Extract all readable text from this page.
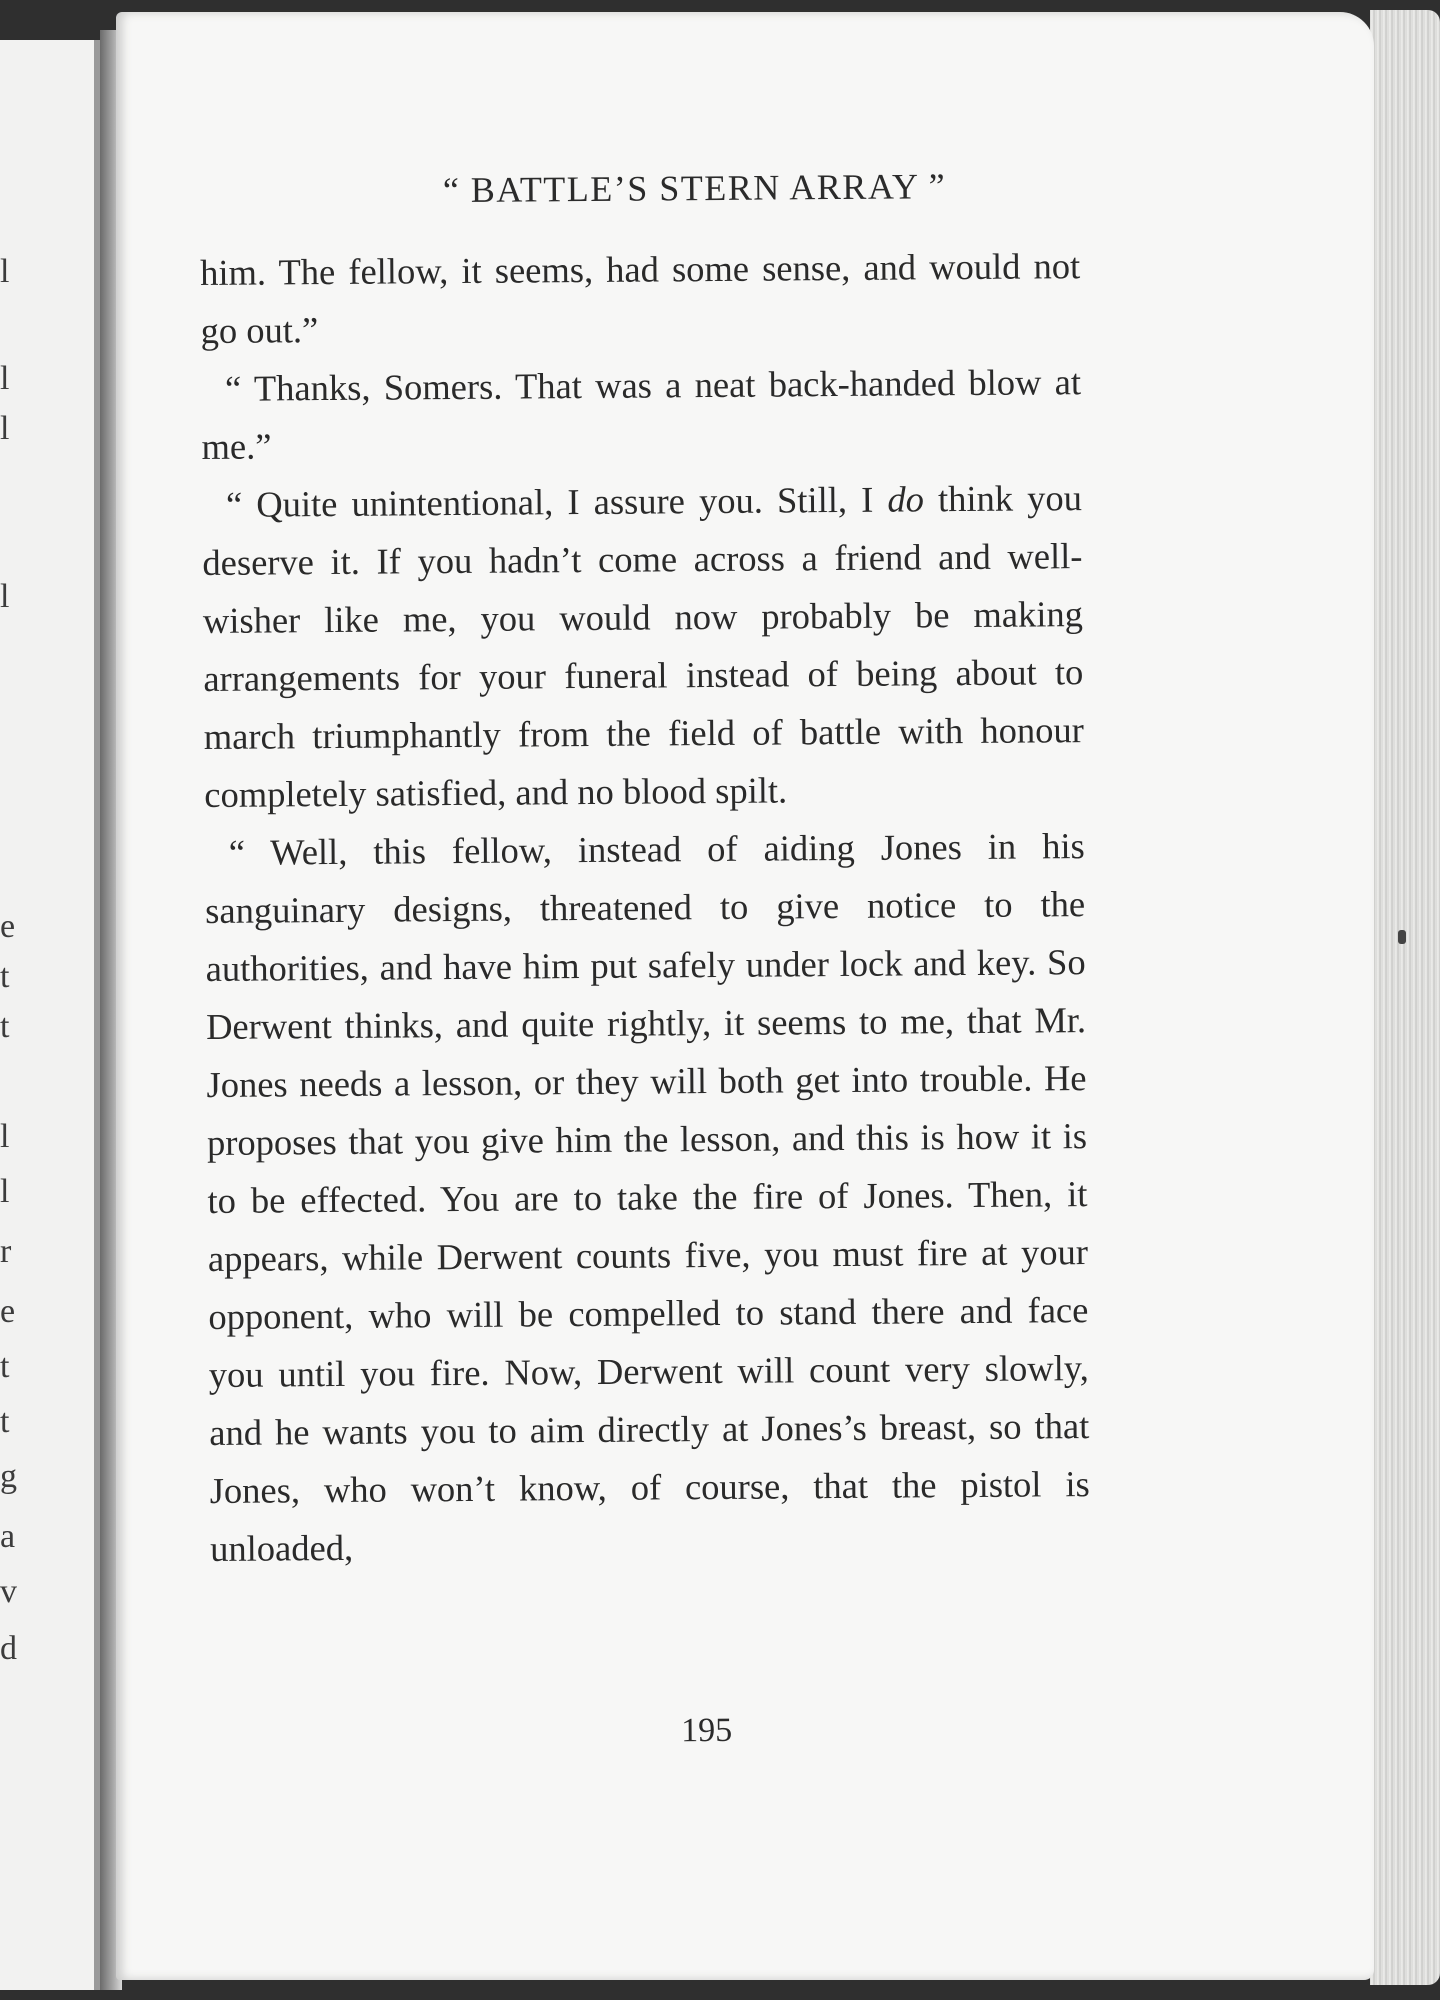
l
l
l
l
e
t
t
l
l
r
e
t
t
g
a
v
d
“ BATTLE’S STERN ARRAY ”

him. The fellow, it seems, had some sense, and would not go out.”

“ Thanks, Somers. That was a neat back-handed blow at me.”

“ Quite unintentional, I assure you. Still, I do think you deserve it. If you hadn’t come across a friend and well-wisher like me, you would now probably be making arrangements for your funeral instead of being about to march triumphantly from the field of battle with honour completely satisfied, and no blood spilt.

“ Well, this fellow, instead of aiding Jones in his sanguinary designs, threatened to give notice to the authorities, and have him put safely under lock and key. So Derwent thinks, and quite rightly, it seems to me, that Mr. Jones needs a lesson, or they will both get into trouble. He proposes that you give him the lesson, and this is how it is to be effected. You are to take the fire of Jones. Then, it appears, while Derwent counts five, you must fire at your opponent, who will be compelled to stand there and face you until you fire. Now, Derwent will count very slowly, and he wants you to aim directly at Jones’s breast, so that Jones, who won’t know, of course, that the pistol is unloaded,

195
